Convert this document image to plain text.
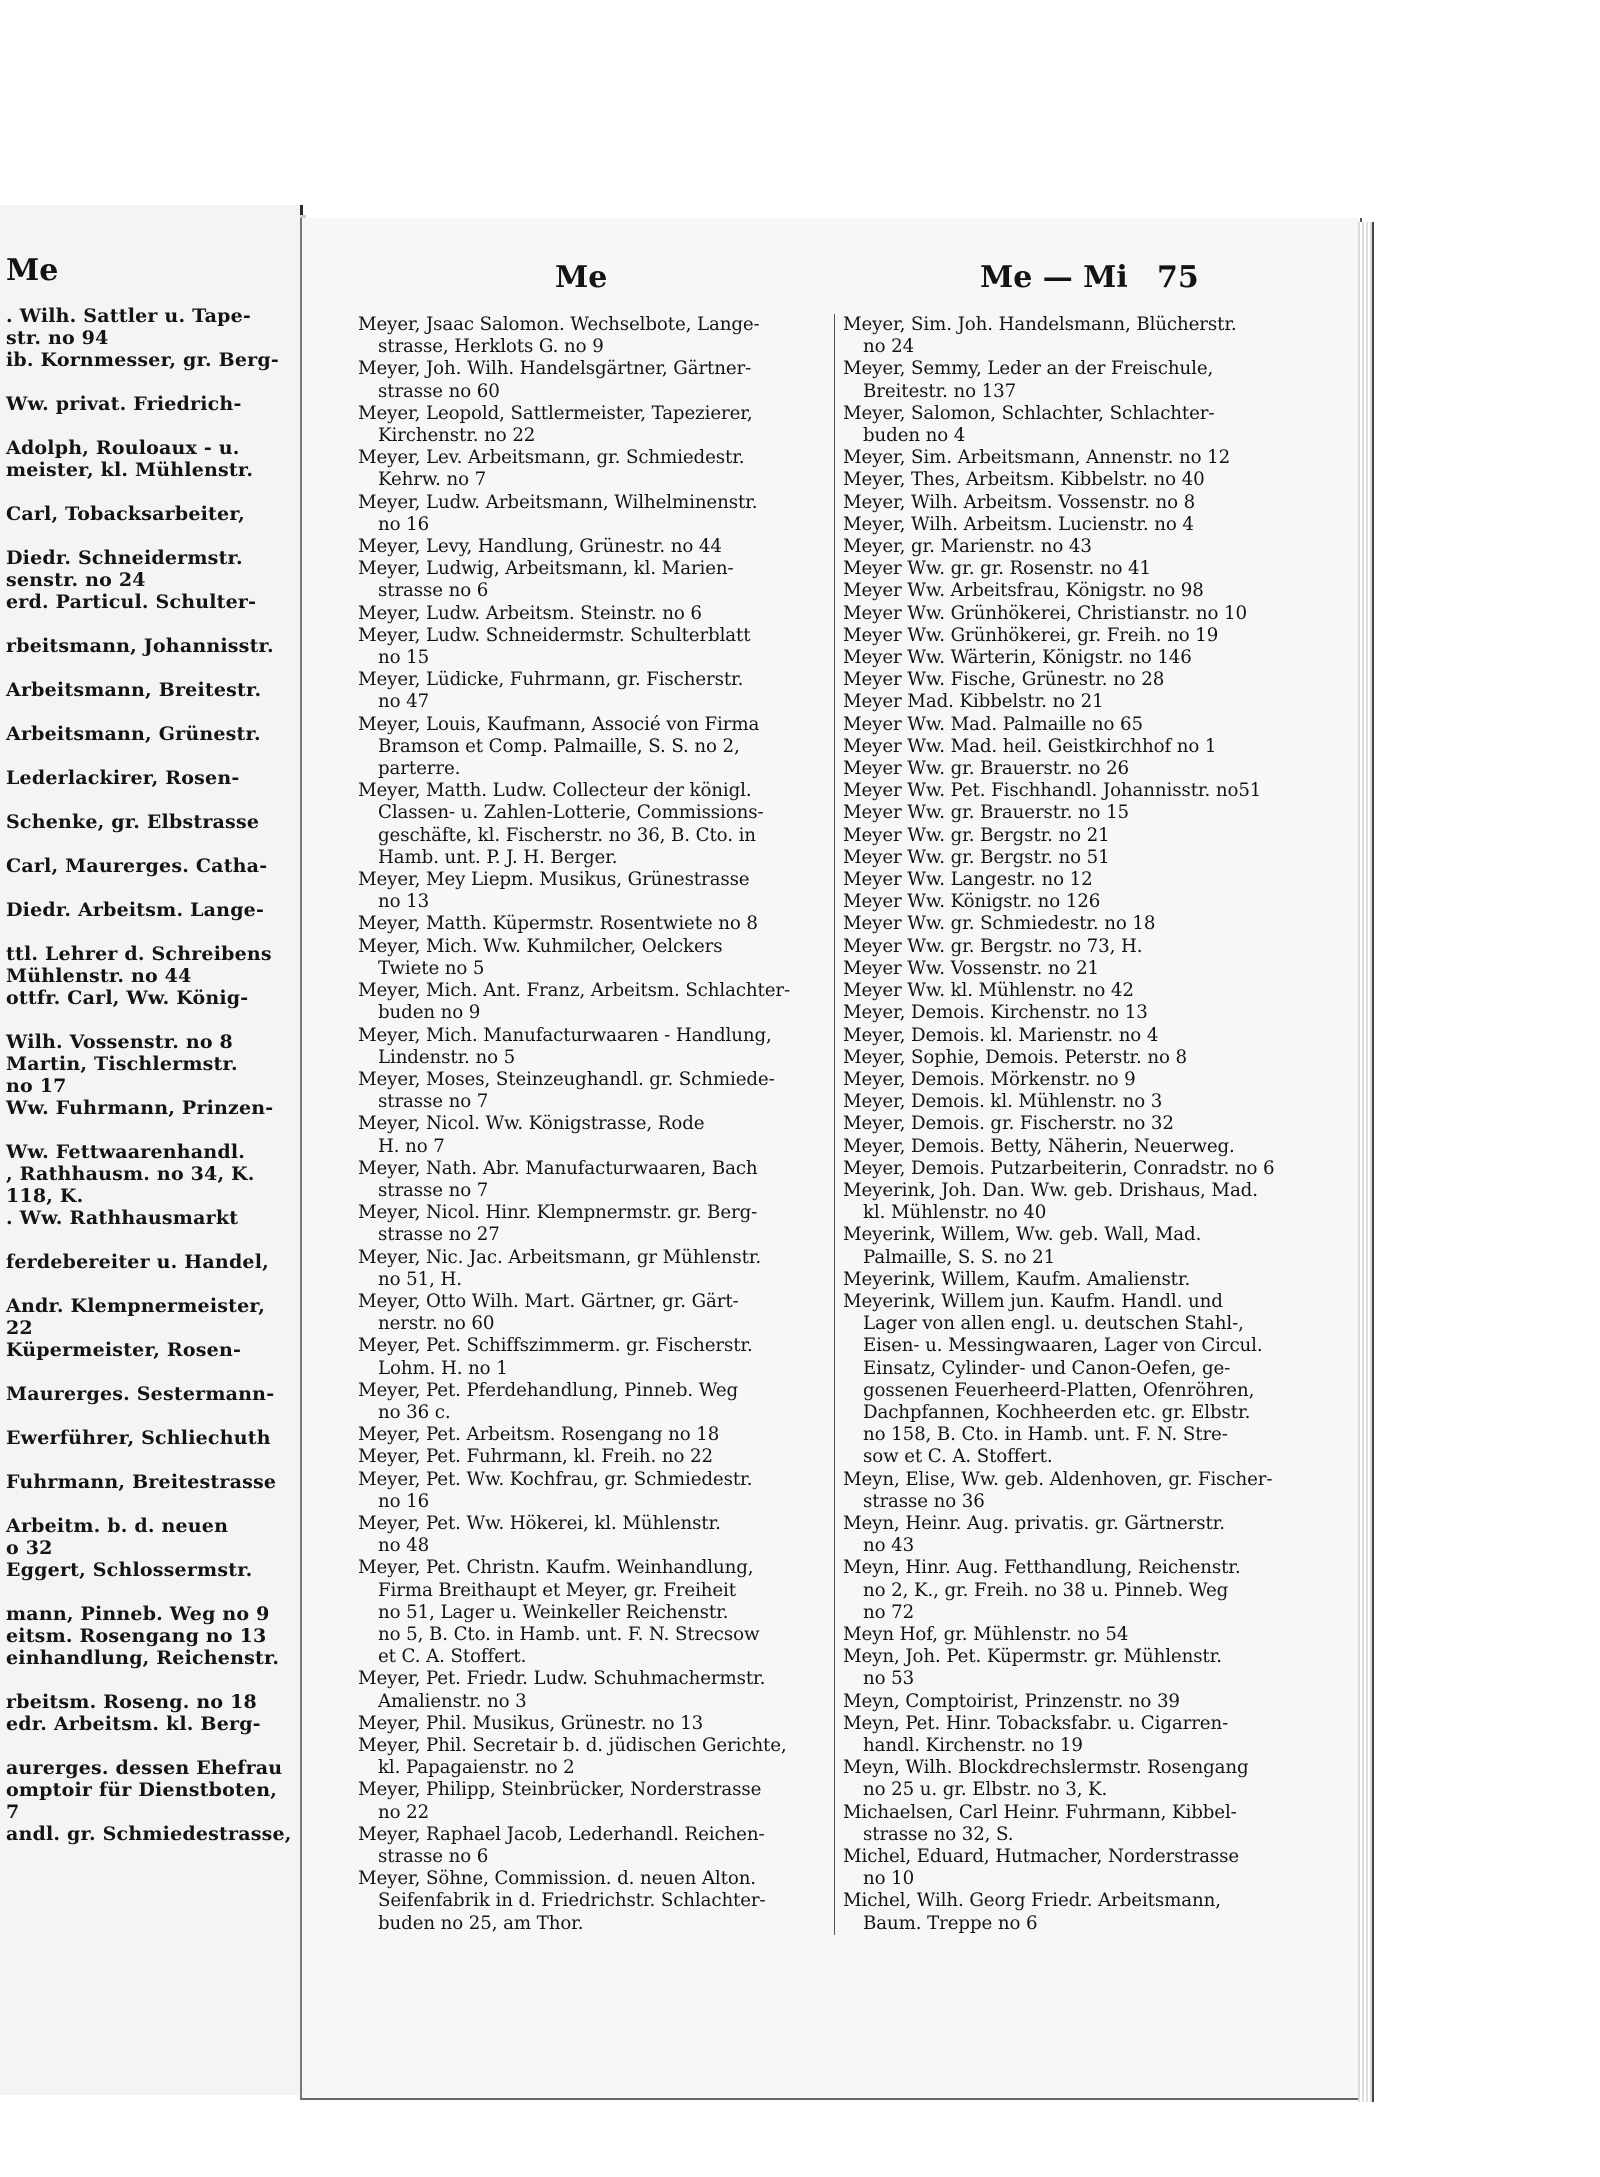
Me
. Wilh. Sattler u. Tape-
str. no 94
ib. Kornmesser, gr. Berg-

Ww. privat. Friedrich-

Adolph, Rouloaux - u.
meister, kl. Mühlenstr.

Carl, Tobacksarbeiter,

Diedr. Schneidermstr.
senstr. no 24
erd. Particul. Schulter-

rbeitsmann, Johannisstr.

Arbeitsmann, Breitestr.

Arbeitsmann, Grünestr.

Lederlackirer, Rosen-

Schenke, gr. Elbstrasse

Carl, Maurerges. Catha-

Diedr. Arbeitsm. Lange-

ttl. Lehrer d. Schreibens
Mühlenstr. no 44
ottfr. Carl, Ww. König-

Wilh. Vossenstr. no 8
Martin, Tischlermstr.
no 17
Ww. Fuhrmann, Prinzen-

Ww. Fettwaarenhandl.
, Rathhausm. no 34, K.
118, K.
. Ww. Rathhausmarkt

ferdebereiter u. Handel,

Andr. Klempnermeister,
22
Küpermeister, Rosen-

Maurerges. Sestermann-

Ewerführer, Schliechuth

Fuhrmann, Breitestrasse

Arbeitm. b. d. neuen
o 32
Eggert, Schlossermstr.

mann, Pinneb. Weg no 9
eitsm. Rosengang no 13
einhandlung, Reichenstr.

rbeitsm. Roseng. no 18
edr. Arbeitsm. kl. Berg-

aurerges. dessen Ehefrau
omptoir für Dienstboten,
7
andl. gr. Schmiedestrasse,
Me	Me — Mi 75
Meyer, Jsaac Salomon. Wechselbote, Lange-
strasse, Herklots G. no 9
Meyer, Joh. Wilh. Handelsgärtner, Gärtner-
strasse no 60
Meyer, Leopold, Sattlermeister, Tapezierer,
Kirchenstr. no 22
Meyer, Lev. Arbeitsmann, gr. Schmiedestr.
Kehrw. no 7
Meyer, Ludw. Arbeitsmann, Wilhelminenstr.
no 16
Meyer, Levy, Handlung, Grünestr. no 44
Meyer, Ludwig, Arbeitsmann, kl. Marien-
strasse no 6
Meyer, Ludw. Arbeitsm. Steinstr. no 6
Meyer, Ludw. Schneidermstr. Schulterblatt
no 15
Meyer, Lüdicke, Fuhrmann, gr. Fischerstr.
no 47
Meyer, Louis, Kaufmann, Associé von Firma
Bramson et Comp. Palmaille, S. S. no 2,
parterre.
Meyer, Matth. Ludw. Collecteur der königl.
Classen- u. Zahlen-Lotterie, Commissions-
geschäfte, kl. Fischerstr. no 36, B. Cto. in
Hamb. unt. P. J. H. Berger.
Meyer, Mey Liepm. Musikus, Grünestrasse
no 13
Meyer, Matth. Küpermstr. Rosentwiete no 8
Meyer, Mich. Ww. Kuhmilcher, Oelckers
Twiete no 5
Meyer, Mich. Ant. Franz, Arbeitsm. Schlachter-
buden no 9
Meyer, Mich. Manufacturwaaren - Handlung,
Lindenstr. no 5
Meyer, Moses, Steinzeughandl. gr. Schmiede-
strasse no 7
Meyer, Nicol. Ww. Königstrasse, Rode
H. no 7
Meyer, Nath. Abr. Manufacturwaaren, Bach
strasse no 7
Meyer, Nicol. Hinr. Klempnermstr. gr. Berg-
strasse no 27
Meyer, Nic. Jac. Arbeitsmann, gr Mühlenstr.
no 51, H.
Meyer, Otto Wilh. Mart. Gärtner, gr. Gärt-
nerstr. no 60
Meyer, Pet. Schiffszimmerm. gr. Fischerstr.
Lohm. H. no 1
Meyer, Pet. Pferdehandlung, Pinneb. Weg
no 36 c.
Meyer, Pet. Arbeitsm. Rosengang no 18
Meyer, Pet. Fuhrmann, kl. Freih. no 22
Meyer, Pet. Ww. Kochfrau, gr. Schmiedestr.
no 16
Meyer, Pet. Ww. Hökerei, kl. Mühlenstr.
no 48
Meyer, Pet. Christn. Kaufm. Weinhandlung,
Firma Breithaupt et Meyer, gr. Freiheit
no 51, Lager u. Weinkeller Reichenstr.
no 5, B. Cto. in Hamb. unt. F. N. Strecsow
et C. A. Stoffert.
Meyer, Pet. Friedr. Ludw. Schuhmachermstr.
Amalienstr. no 3
Meyer, Phil. Musikus, Grünestr. no 13
Meyer, Phil. Secretair b. d. jüdischen Gerichte,
kl. Papagaienstr. no 2
Meyer, Philipp, Steinbrücker, Norderstrasse
no 22
Meyer, Raphael Jacob, Lederhandl. Reichen-
strasse no 6
Meyer, Söhne, Commission. d. neuen Alton.
Seifenfabrik in d. Friedrichstr. Schlachter-
buden no 25, am Thor.
Meyer, Sim. Joh. Handelsmann, Blücherstr.
no 24
Meyer, Semmy, Leder an der Freischule,
Breitestr. no 137
Meyer, Salomon, Schlachter, Schlachter-
buden no 4
Meyer, Sim. Arbeitsmann, Annenstr. no 12
Meyer, Thes, Arbeitsm. Kibbelstr. no 40
Meyer, Wilh. Arbeitsm. Vossenstr. no 8
Meyer, Wilh. Arbeitsm. Lucienstr. no 4
Meyer, gr. Marienstr. no 43
Meyer Ww. gr. gr. Rosenstr. no 41
Meyer Ww. Arbeitsfrau, Königstr. no 98
Meyer Ww. Grünhökerei, Christianstr. no 10
Meyer Ww. Grünhökerei, gr. Freih. no 19
Meyer Ww. Wärterin, Königstr. no 146
Meyer Ww. Fische, Grünestr. no 28
Meyer Mad. Kibbelstr. no 21
Meyer Ww. Mad. Palmaille no 65
Meyer Ww. Mad. heil. Geistkirchhof no 1
Meyer Ww. gr. Brauerstr. no 26
Meyer Ww. Pet. Fischhandl. Johannisstr. no51
Meyer Ww. gr. Brauerstr. no 15
Meyer Ww. gr. Bergstr. no 21
Meyer Ww. gr. Bergstr. no 51
Meyer Ww. Langestr. no 12
Meyer Ww. Königstr. no 126
Meyer Ww. gr. Schmiedestr. no 18
Meyer Ww. gr. Bergstr. no 73, H.
Meyer Ww. Vossenstr. no 21
Meyer Ww. kl. Mühlenstr. no 42
Meyer, Demois. Kirchenstr. no 13
Meyer, Demois. kl. Marienstr. no 4
Meyer, Sophie, Demois. Peterstr. no 8
Meyer, Demois. Mörkenstr. no 9
Meyer, Demois. kl. Mühlenstr. no 3
Meyer, Demois. gr. Fischerstr. no 32
Meyer, Demois. Betty, Näherin, Neuerweg.
Meyer, Demois. Putzarbeiterin, Conradstr. no 6
Meyerink, Joh. Dan. Ww. geb. Drishaus, Mad.
kl. Mühlenstr. no 40
Meyerink, Willem, Ww. geb. Wall, Mad.
Palmaille, S. S. no 21
Meyerink, Willem, Kaufm. Amalienstr.
Meyerink, Willem jun. Kaufm. Handl. und
Lager von allen engl. u. deutschen Stahl-,
Eisen- u. Messingwaaren, Lager von Circul.
Einsatz, Cylinder- und Canon-Oefen, ge-
gossenen Feuerheerd-Platten, Ofenröhren,
Dachpfannen, Kochheerden etc. gr. Elbstr.
no 158, B. Cto. in Hamb. unt. F. N. Stre-
sow et C. A. Stoffert.
Meyn, Elise, Ww. geb. Aldenhoven, gr. Fischer-
strasse no 36
Meyn, Heinr. Aug. privatis. gr. Gärtnerstr.
no 43
Meyn, Hinr. Aug. Fetthandlung, Reichenstr.
no 2, K., gr. Freih. no 38 u. Pinneb. Weg
no 72
Meyn Hof, gr. Mühlenstr. no 54
Meyn, Joh. Pet. Küpermstr. gr. Mühlenstr.
no 53
Meyn, Comptoirist, Prinzenstr. no 39
Meyn, Pet. Hinr. Tobacksfabr. u. Cigarren-
handl. Kirchenstr. no 19
Meyn, Wilh. Blockdrechslermstr. Rosengang
no 25 u. gr. Elbstr. no 3, K.
Michaelsen, Carl Heinr. Fuhrmann, Kibbel-
strasse no 32, S.
Michel, Eduard, Hutmacher, Norderstrasse
no 10
Michel, Wilh. Georg Friedr. Arbeitsmann,
Baum. Treppe no 6
